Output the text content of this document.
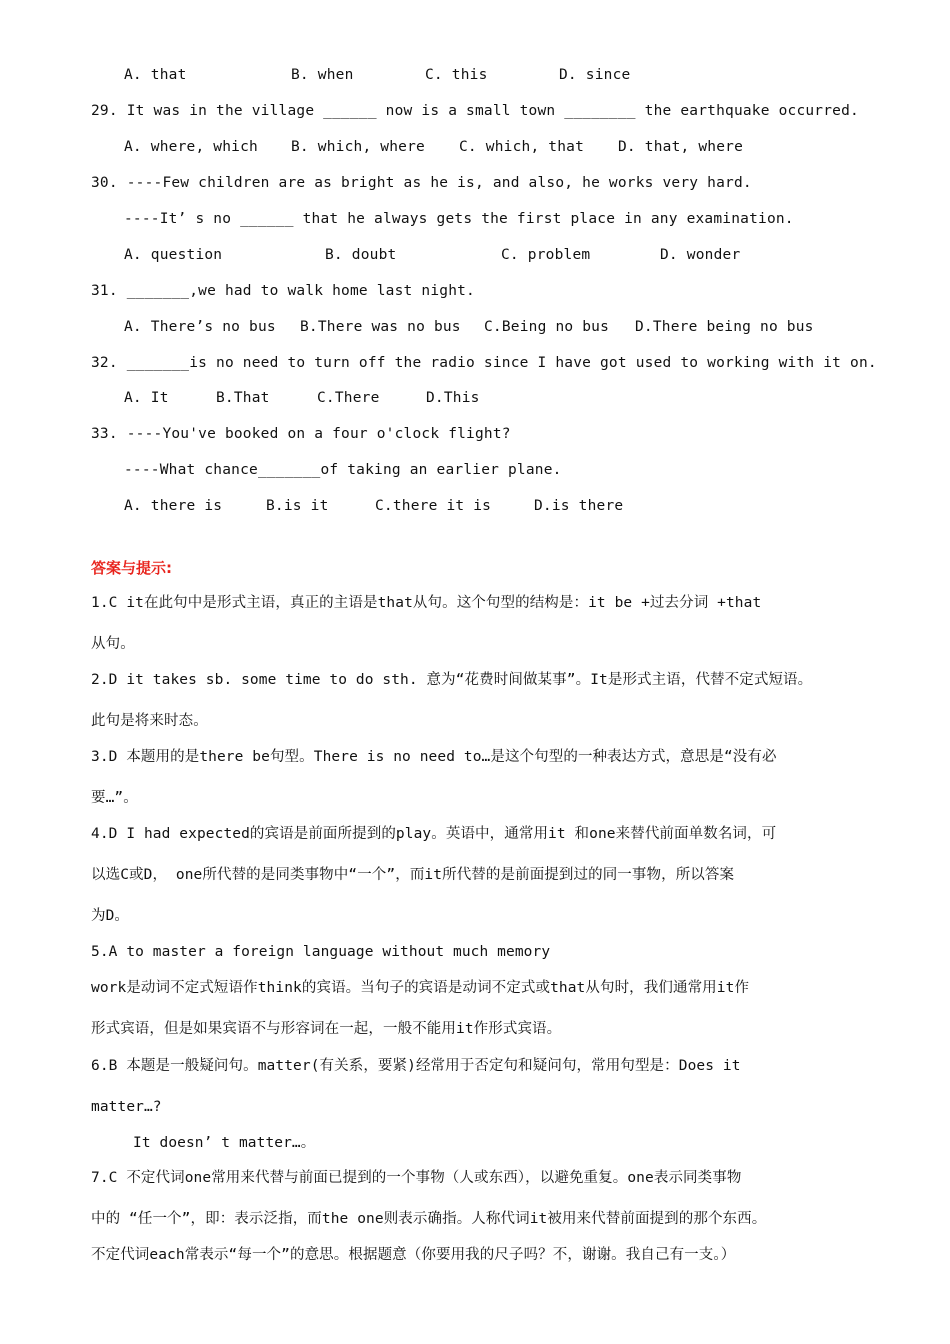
A. that

	B. when

	C. this

	D. since

29. It was in the village ______ now is a small town ________ the earthquake occurred.

A. where, which

B. which, where

C. which, that

D. that, where

30. ----Few children are as bright as he is, and also, he works very hard.
----It’ s no ______ that he always gets the first place in any examination.

A. question

	B. doubt

	C. problem

	D. wonder

31. _______,we had to walk home last night.

A. There’s no bus

B.There was no bus

C.Being no bus

D.There being no bus

32. _______is no need to turn off the radio since I have got used to working with it on.

A. It

	B.That

	C.There

	D.This

33. ----You've booked on a four o'clock flight?
----What chance_______of taking an earlier plane.

A. there is

	B.is it

	C.there it is

	D.is there

答案与提示:
1.C it在此句中是形式主语，真正的主语是that从句。这个句型的结构是：it be +过去分词 +that
从句。
2.D it takes sb. some time to do sth. 意为“花费时间做某事”。It是形式主语，代替不定式短语。
此句是将来时态。
3.D 本题用的是there be句型。There is no need to…是这个句型的一种表达方式，意思是“没有必
要…”。
4.D I had expected的宾语是前面所提到的play。英语中，通常用it 和one来替代前面单数名词，可
以选C或D， one所代替的是同类事物中“一个”，而it所代替的是前面提到过的同一事物，所以答案
为D。
5.A to master a foreign language without much memory
work是动词不定式短语作think的宾语。当句子的宾语是动词不定式或that从句时，我们通常用it作
形式宾语，但是如果宾语不与形容词在一起，一般不能用it作形式宾语。
6.B 本题是一般疑问句。matter(有关系，要紧)经常用于否定句和疑问句，常用句型是：Does it
matter…?
It doesn’ t matter…。
7.C 不定代词one常用来代替与前面已提到的一个事物（人或东西），以避免重复。one表示同类事物
中的 “任一个”，即：表示泛指，而the one则表示确指。人称代词it被用来代替前面提到的那个东西。
不定代词each常表示“每一个”的意思。根据题意（你要用我的尺子吗？不，谢谢。我自己有一支。）
